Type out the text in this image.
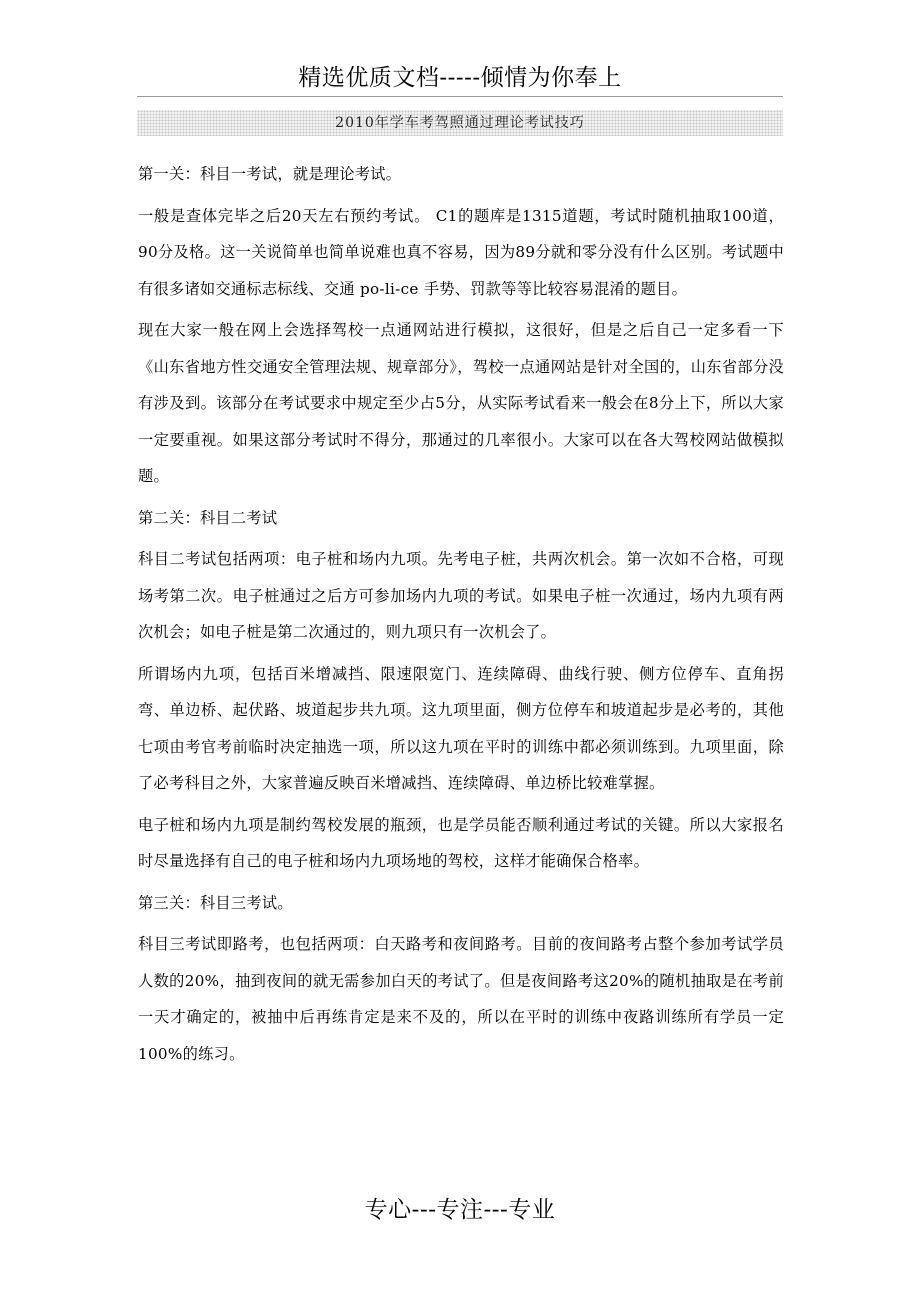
精选优质文档-----倾情为你奉上
2010年学车考驾照通过理论考试技巧

第一关：科目一考试，就是理论考试。

一般是查体完毕之后20天左右预约考试。 C1的题库是1315道题，考试时随机抽取100道，90分及格。这一关说简单也简单说难也真不容易，因为89分就和零分没有什么区别。考试题中有很多诸如交通标志标线、交通 po-li-ce 手势、罚款等等比较容易混淆的题目。

现在大家一般在网上会选择驾校一点通网站进行模拟，这很好，但是之后自己一定多看一下《山东省地方性交通安全管理法规、规章部分》，驾校一点通网站是针对全国的，山东省部分没有涉及到。该部分在考试要求中规定至少占5分，从实际考试看来一般会在8分上下，所以大家一定要重视。如果这部分考试时不得分，那通过的几率很小。大家可以在各大驾校网站做模拟题。

第二关：科目二考试

科目二考试包括两项：电子桩和场内九项。先考电子桩，共两次机会。第一次如不合格，可现场考第二次。电子桩通过之后方可参加场内九项的考试。如果电子桩一次通过，场内九项有两次机会；如电子桩是第二次通过的，则九项只有一次机会了。

所谓场内九项，包括百米增减挡、限速限宽门、连续障碍、曲线行驶、侧方位停车、直角拐弯、单边桥、起伏路、坡道起步共九项。这九项里面，侧方位停车和坡道起步是必考的，其他七项由考官考前临时决定抽选一项，所以这九项在平时的训练中都必须训练到。九项里面，除了必考科目之外，大家普遍反映百米增减挡、连续障碍、单边桥比较难掌握。

电子桩和场内九项是制约驾校发展的瓶颈，也是学员能否顺利通过考试的关键。所以大家报名时尽量选择有自己的电子桩和场内九项场地的驾校，这样才能确保合格率。

第三关：科目三考试。

科目三考试即路考，也包括两项：白天路考和夜间路考。目前的夜间路考占整个参加考试学员人数的20%，抽到夜间的就无需参加白天的考试了。但是夜间路考这20%的随机抽取是在考前一天才确定的，被抽中后再练肯定是来不及的，所以在平时的训练中夜路训练所有学员一定100%的练习。

专心---专注---专业
